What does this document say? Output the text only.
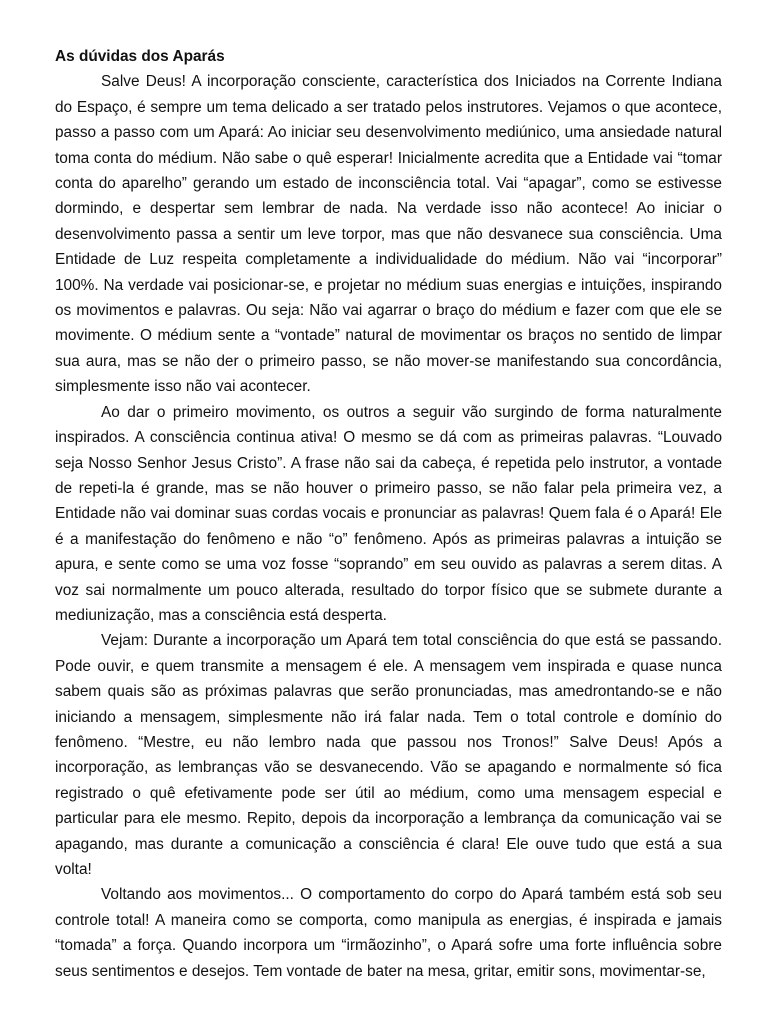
As dúvidas dos Aparás

Salve Deus! A incorporação consciente, característica dos Iniciados na Corrente Indiana do Espaço, é sempre um tema delicado a ser tratado pelos instrutores. Vejamos o que acontece, passo a passo com um Apará: Ao iniciar seu desenvolvimento mediúnico, uma ansiedade natural toma conta do médium. Não sabe o quê esperar! Inicialmente acredita que a Entidade vai “tomar conta do aparelho” gerando um estado de inconsciência total. Vai “apagar”, como se estivesse dormindo, e despertar sem lembrar de nada. Na verdade isso não acontece! Ao iniciar o desenvolvimento passa a sentir um leve torpor, mas que não desvanece sua consciência. Uma Entidade de Luz respeita completamente a individualidade do médium. Não vai “incorporar” 100%. Na verdade vai posicionar-se, e projetar no médium suas energias e intuições, inspirando os movimentos e palavras. Ou seja: Não vai agarrar o braço do médium e fazer com que ele se movimente. O médium sente a “vontade” natural de movimentar os braços no sentido de limpar sua aura, mas se não der o primeiro passo, se não mover-se manifestando sua concordância, simplesmente isso não vai acontecer.

Ao dar o primeiro movimento, os outros a seguir vão surgindo de forma naturalmente inspirados. A consciência continua ativa! O mesmo se dá com as primeiras palavras. “Louvado seja Nosso Senhor Jesus Cristo”. A frase não sai da cabeça, é repetida pelo instrutor, a vontade de repeti-la é grande, mas se não houver o primeiro passo, se não falar pela primeira vez, a Entidade não vai dominar suas cordas vocais e pronunciar as palavras! Quem fala é o Apará! Ele é a manifestação do fenômeno e não “o” fenômeno. Após as primeiras palavras a intuição se apura, e sente como se uma voz fosse “soprando” em seu ouvido as palavras a serem ditas. A voz sai normalmente um pouco alterada, resultado do torpor físico que se submete durante a mediunização, mas a consciência está desperta.

Vejam: Durante a incorporação um Apará tem total consciência do que está se passando. Pode ouvir, e quem transmite a mensagem é ele. A mensagem vem inspirada e quase nunca sabem quais são as próximas palavras que serão pronunciadas, mas amedrontando-se e não iniciando a mensagem, simplesmente não irá falar nada. Tem o total controle e domínio do fenômeno. “Mestre, eu não lembro nada que passou nos Tronos!” Salve Deus! Após a incorporação, as lembranças vão se desvanecendo. Vão se apagando e normalmente só fica registrado o quê efetivamente pode ser útil ao médium, como uma mensagem especial e particular para ele mesmo. Repito, depois da incorporação a lembrança da comunicação vai se apagando, mas durante a comunicação a consciência é clara! Ele ouve tudo que está a sua volta!

Voltando aos movimentos... O comportamento do corpo do Apará também está sob seu controle total! A maneira como se comporta, como manipula as energias, é inspirada e jamais “tomada” a força. Quando incorpora um “irmãozinho”, o Apará sofre uma forte influência sobre seus sentimentos e desejos. Tem vontade de bater na mesa, gritar, emitir sons, movimentar-se,
